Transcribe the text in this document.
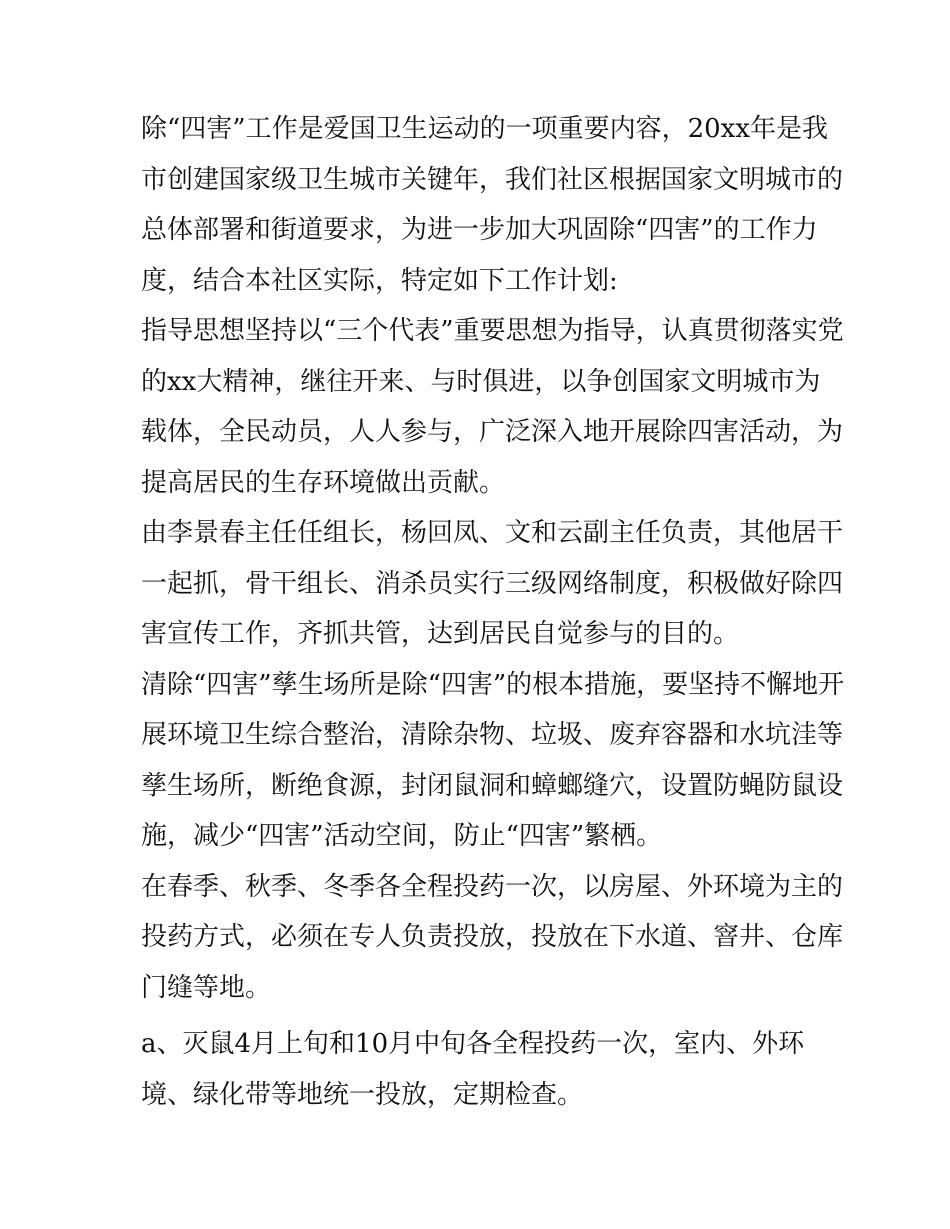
除“四害”工作是爱国卫生运动的一项重要内容，20xx年是我
市创建国家级卫生城市关键年，我们社区根据国家文明城市的
总体部署和街道要求，为进一步加大巩固除“四害”的工作力
度，结合本社区实际，特定如下工作计划:

指导思想坚持以“三个代表”重要思想为指导，认真贯彻落实党
的xx大精神，继往开来、与时俱进，以争创国家文明城市为
载体，全民动员，人人参与，广泛深入地开展除四害活动，为
提高居民的生存环境做出贡献。

由李景春主任任组长，杨回凤、文和云副主任负责，其他居干
一起抓，骨干组长、消杀员实行三级网络制度，积极做好除四
害宣传工作，齐抓共管，达到居民自觉参与的目的。

清除“四害”孳生场所是除“四害”的根本措施，要坚持不懈地开
展环境卫生综合整治，清除杂物、垃圾、废弃容器和水坑洼等
孳生场所，断绝食源，封闭鼠洞和蟑螂缝穴，设置防蝇防鼠设
施，减少“四害”活动空间，防止“四害”繁栖。

在春季、秋季、冬季各全程投药一次，以房屋、外环境为主的
投药方式，必须在专人负责投放，投放在下水道、窨井、仓库
门缝等地。

a、灭鼠4月上旬和10月中旬各全程投药一次，室内、外环
境、绿化带等地统一投放，定期检查。
